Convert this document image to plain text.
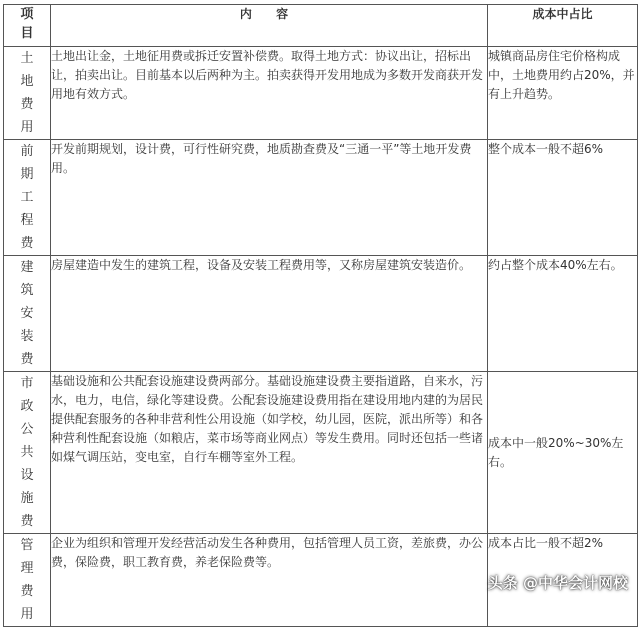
项目	内 容	成本中占比
土地费用	土地出让金，土地征用费或拆迁安置补偿费。取得土地方式：协议出让，招标出让，拍卖出让。目前基本以后两种为主。拍卖获得开发用地成为多数开发商获开发用地有效方式。	城镇商品房住宅价格构成中，土地费用约占20%，并有上升趋势。
前期工程费	开发前期规划，设计费，可行性研究费，地质勘查费及“三通一平”等土地开发费用。	整个成本一般不超6%
建筑安装费	房屋建造中发生的建筑工程，设备及安装工程费用等，又称房屋建筑安装造价。	约占整个成本40%左右。
市政公共设施费	基础设施和公共配套设施建设费两部分。基础设施建设费主要指道路，自来水，污水，电力，电信，绿化等建设费。公配套设施建设费用指在建设用地内建的为居民提供配套服务的各种非营利性公用设施（如学校，幼儿园，医院，派出所等）和各种营利性配套设施（如粮店，菜市场等商业网点）等发生费用。同时还包括一些诸如煤气调压站，变电室，自行车棚等室外工程。	成本中一般20%~30%左右。
管理费用	企业为组织和管理开发经营活动发生各种费用，包括管理人员工资，差旅费，办公费，保险费，职工教育费，养老保险费等。	成本占比一般不超2%
头条 @中华会计网校
